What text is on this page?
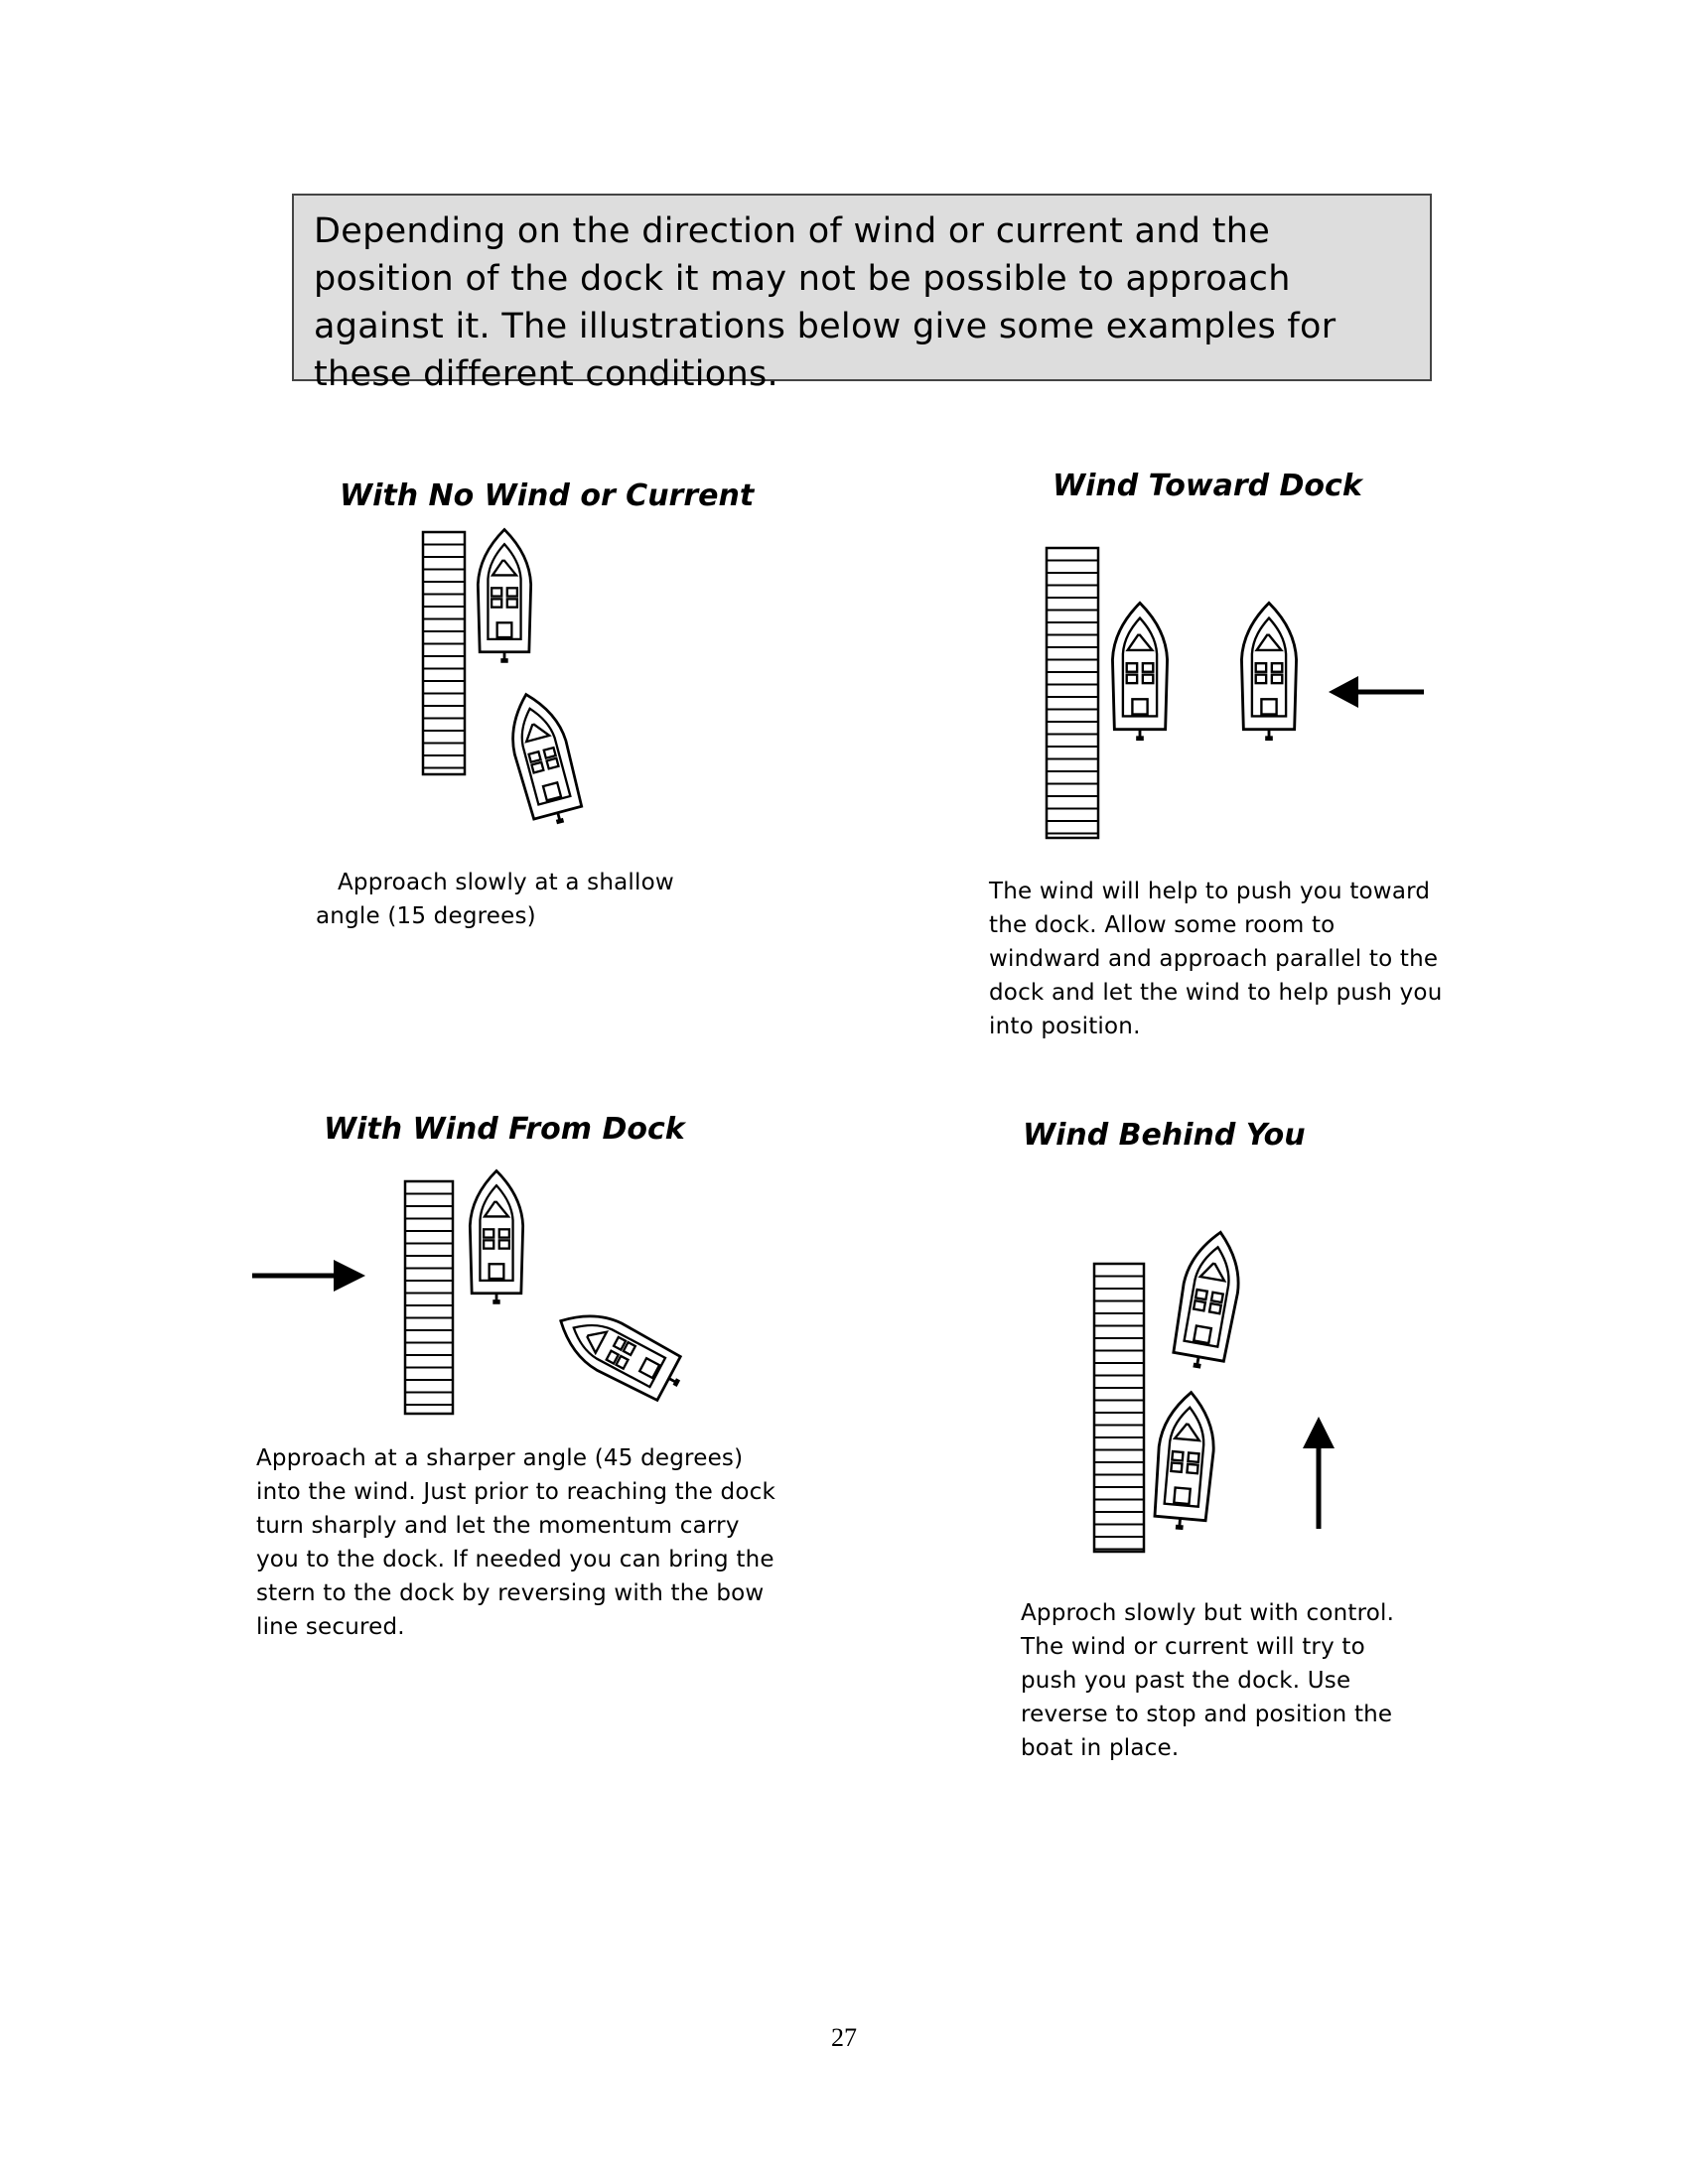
Depending on the direction of wind or current and the position of the dock it may not be possible to approach against it. The illustrations below give some examples for these different conditions.
With No Wind or Current
Approach slowly at a shallow angle (15 degrees)
Wind Toward Dock
The wind will help to push you toward the dock. Allow some room to windward and approach parallel to the dock and let the wind to help push you into position.
With Wind From Dock
Approach at a sharper angle (45 degrees) into the wind. Just prior to reaching the dock turn sharply and let the momentum carry you to the dock. If needed you can bring the stern to the dock by reversing with the bow line secured.
Wind Behind You
Approch slowly but with control. The wind or current will try to push you past the dock. Use reverse to stop and position the boat in place.
27
